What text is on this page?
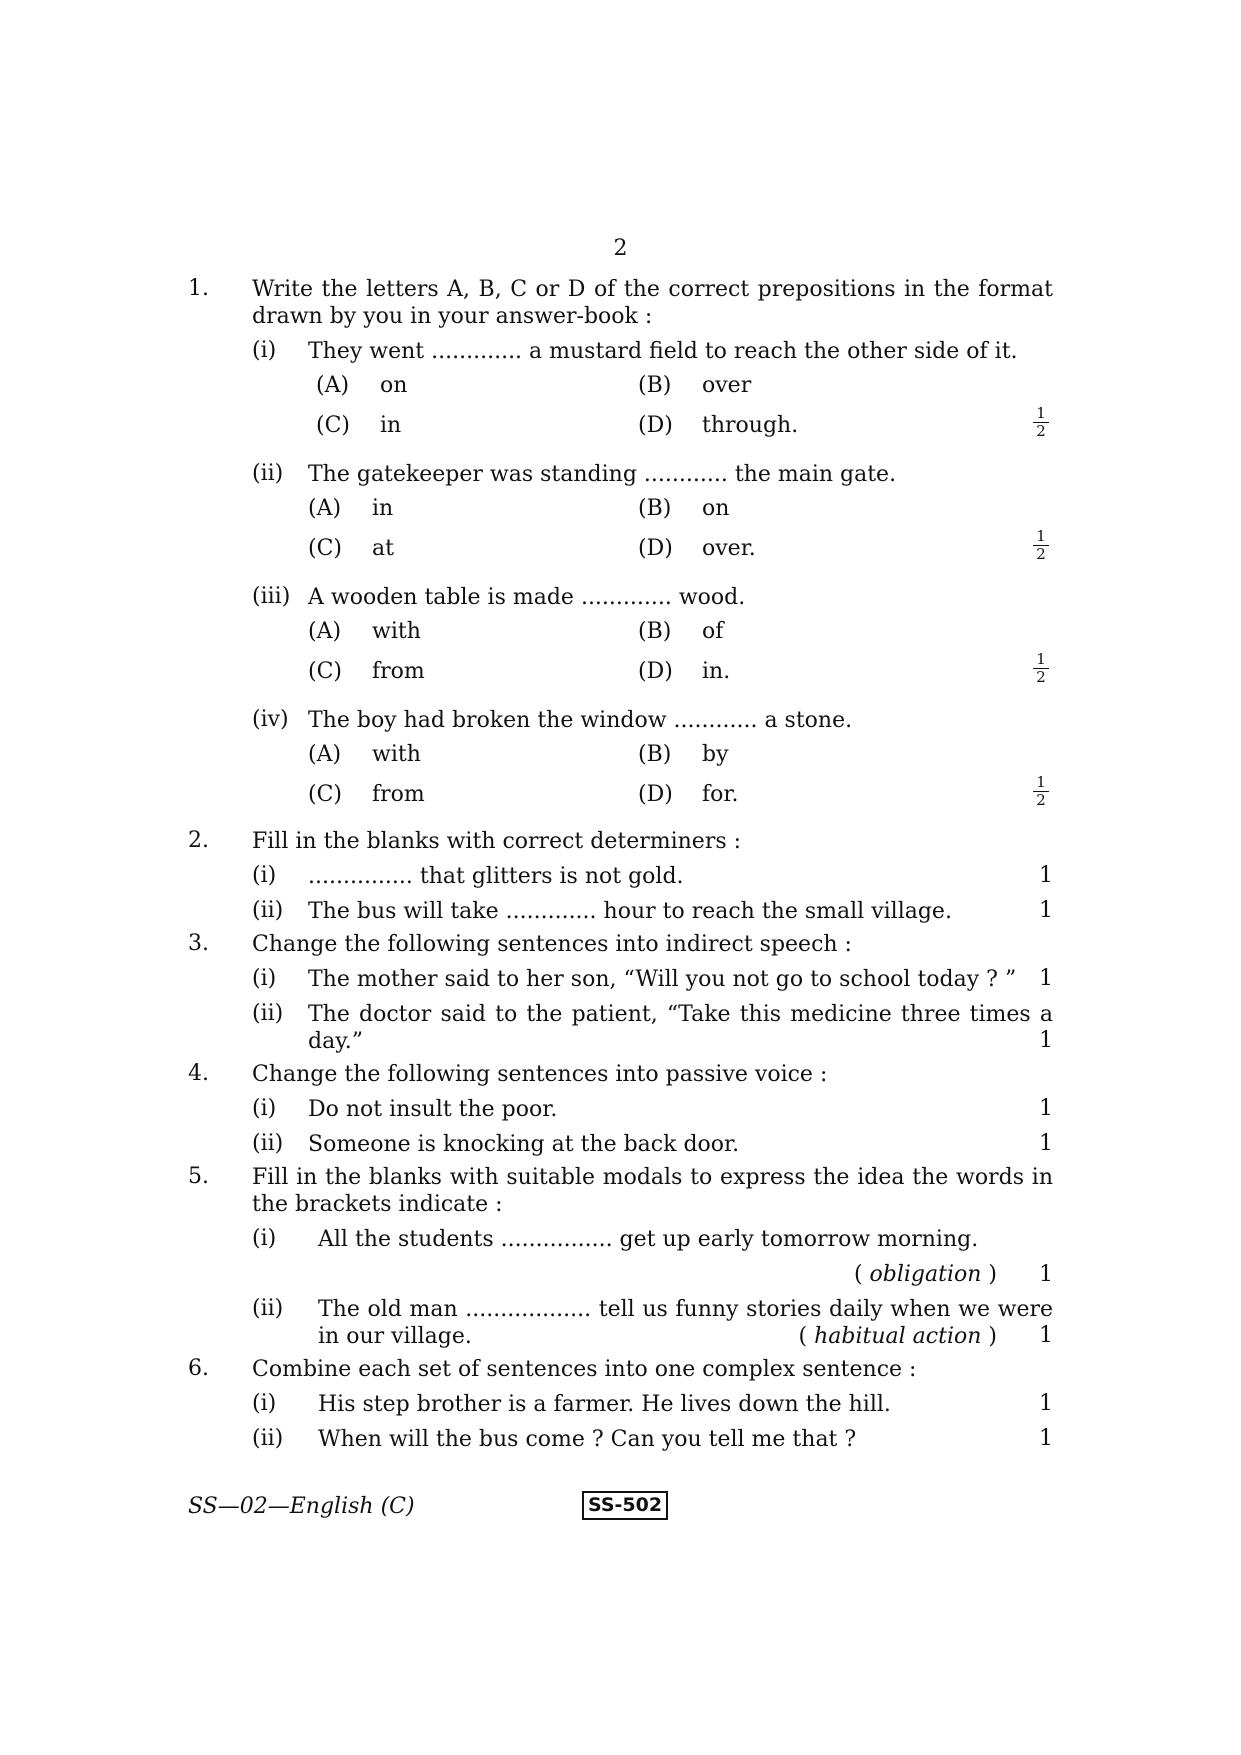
2
1. Write the letters A, B, C or D of the correct prepositions in the format drawn by you in your answer-book :
(i) They went ............. a mustard field to reach the other side of it.
(A) on	(B) over
(C) in	(D) through.	1
2
(ii) The gatekeeper was standing ............ the main gate.
(A) in	(B) on
(C) at	(D) over.	1
2
(iii) A wooden table is made ............. wood.
(A) with	(B) of
(C) from	(D) in.	1
2
(iv) The boy had broken the window ............ a stone.
(A) with	(B) by
(C) from	(D) for.	1
2
2. Fill in the blanks with correct determiners :
(i) ............... that glitters is not gold.	1
(ii) The bus will take ............. hour to reach the small village.	1
3. Change the following sentences into indirect speech :
(i) The mother said to her son, “Will you not go to school today ? ”	1
(ii) The doctor said to the patient, “Take this medicine three times a day.”	1
4. Change the following sentences into passive voice :
(i) Do not insult the poor.	1
(ii) Someone is knocking at the back door.	1
5. Fill in the blanks with suitable modals to express the idea the words in the brackets indicate :
(i) All the students ................ get up early tomorrow morning.
( obligation ) 1
(ii) The old man .................. tell us funny stories daily when we were in our village.	( habitual action ) 1
6. Combine each set of sentences into one complex sentence :
(i) His step brother is a farmer. He lives down the hill.	1
(ii) When will the bus come ? Can you tell me that ?	1
SS—02—English (C)	SS-502
